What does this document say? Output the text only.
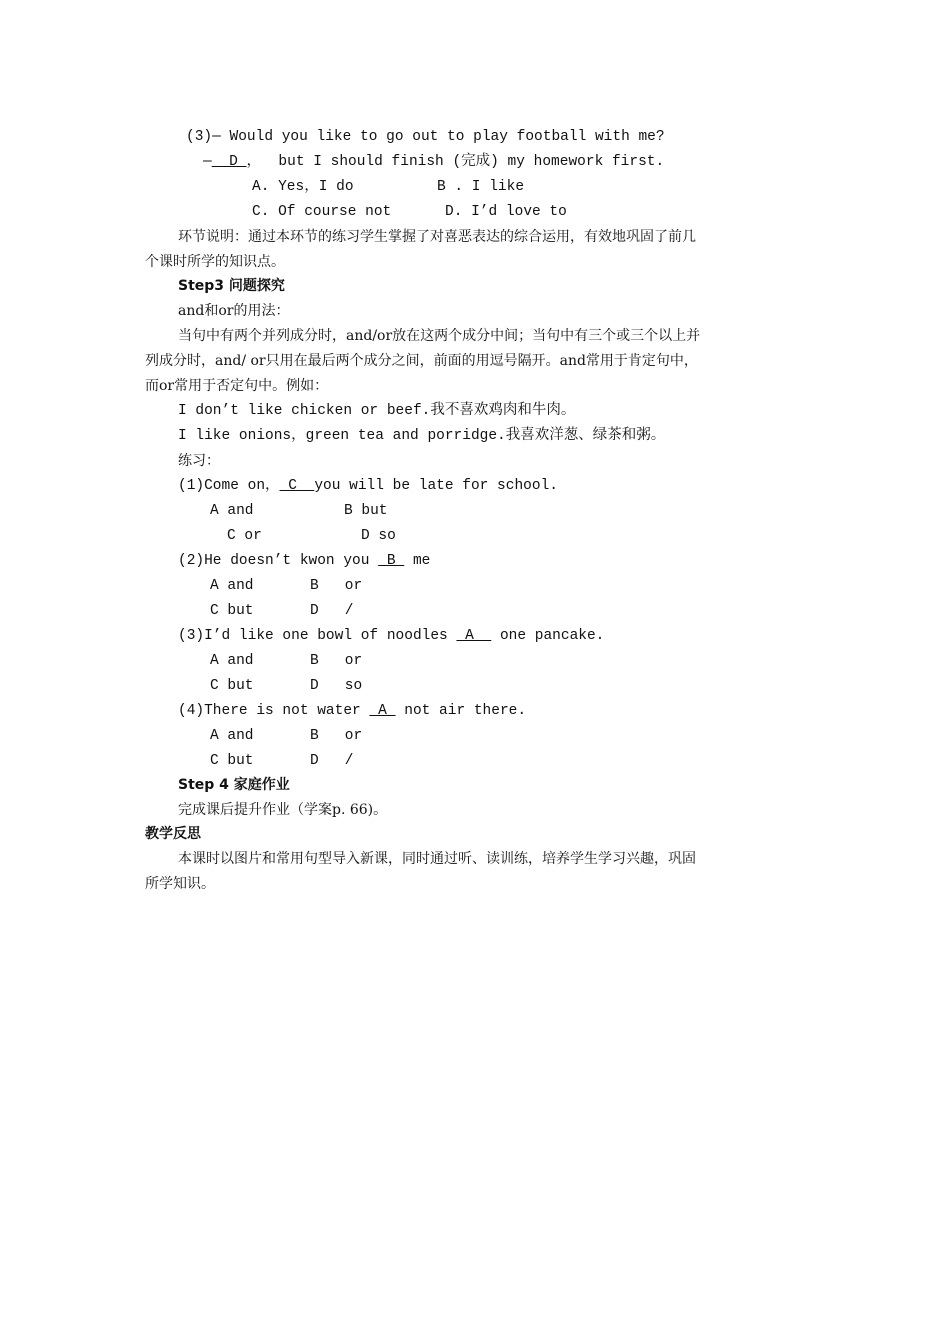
(3)— Would you like to go out to play football with me?
—  D ，  but I should finish (完成) my homework first.
A. Yes，I do	B . I like
C. Of course not	D. I’d love to
环节说明：通过本环节的练习学生掌握了对喜恶表达的综合运用，有效地巩固了前几
个课时所学的知识点。
Step3 问题探究
and和or的用法：
当句中有两个并列成分时，and/or放在这两个成分中间；当句中有三个或三个以上并
列成分时，and/ or只用在最后两个成分之间，前面的用逗号隔开。and常用于肯定句中，
而or常用于否定句中。例如：
I don’t like chicken or beef.我不喜欢鸡肉和牛肉。
I like onions，green tea and porridge.我喜欢洋葱、绿茶和粥。
练习：
(1)Come on， C  you will be late for school.
A and	B but
C or	D so
(2)He doesn’t kwon you  B  me
A and	B   or
C but	D   /
(3)I’d like one bowl of noodles  A   one pancake.
A and	B   or
C but	D   so
(4)There is not water  A  not air there.
A and	B   or
C but	D   /
Step 4 家庭作业
完成课后提升作业（学案p. 66)。
教学反思
本课时以图片和常用句型导入新课，同时通过听、读训练，培养学生学习兴趣，巩固
所学知识。
